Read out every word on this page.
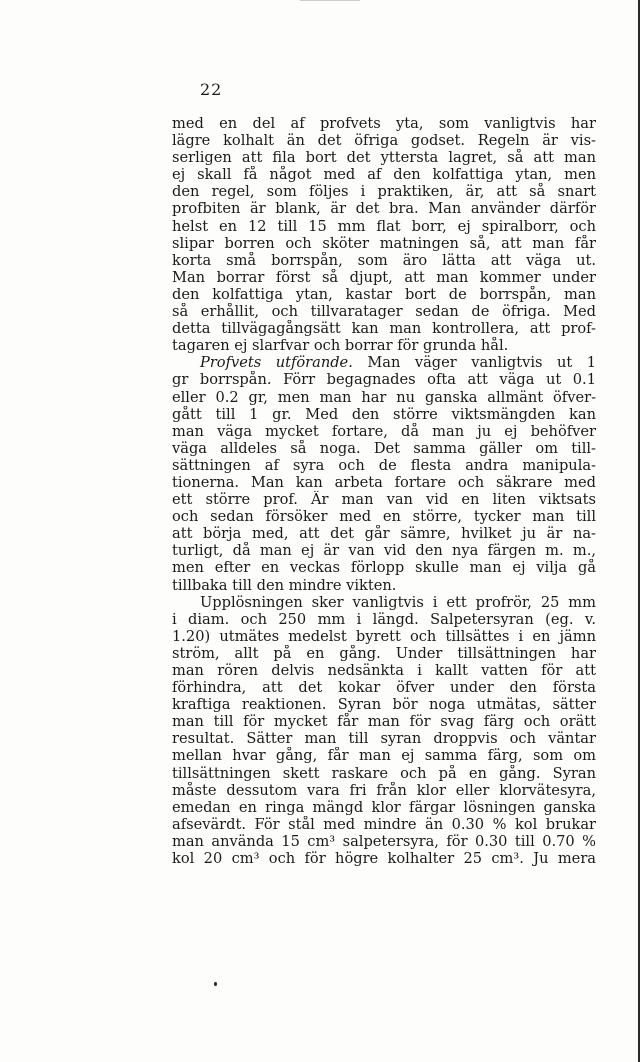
22
med en del af profvets yta, som vanligtvis har
lägre kolhalt än det öfriga godset. Regeln är vis-
serligen att fila bort det yttersta lagret, så att man
ej skall få något med af den kolfattiga ytan, men
den regel, som följes i praktiken, är, att så snart
profbiten är blank, är det bra. Man använder därför
helst en 12 till 15 mm flat borr, ej spiralborr, och
slipar borren och sköter matningen så, att man får
korta små borrspån, som äro lätta att väga ut.
Man borrar först så djupt, att man kommer under
den kolfattiga ytan, kastar bort de borrspån, man
så erhållit, och tillvaratager sedan de öfriga. Med
detta tillvägagångsätt kan man kontrollera, att prof-
tagaren ej slarfvar och borrar för grunda hål.
Profvets utförande. Man väger vanligtvis ut 1
gr borrspån. Förr begagnades ofta att väga ut 0.1
eller 0.2 gr, men man har nu ganska allmänt öfver-
gått till 1 gr. Med den större viktsmängden kan
man väga mycket fortare, då man ju ej behöfver
väga alldeles så noga. Det samma gäller om till-
sättningen af syra och de flesta andra manipula-
tionerna. Man kan arbeta fortare och säkrare med
ett större prof. Är man van vid en liten viktsats
och sedan försöker med en större, tycker man till
att börja med, att det går sämre, hvilket ju är na-
turligt, då man ej är van vid den nya färgen m. m.,
men efter en veckas förlopp skulle man ej vilja gå
tillbaka till den mindre vikten.
Upplösningen sker vanligtvis i ett profrör, 25 mm
i diam. och 250 mm i längd. Salpetersyran (eg. v.
1.20) utmätes medelst byrett och tillsättes i en jämn
ström, allt på en gång. Under tillsättningen har
man rören delvis nedsänkta i kallt vatten för att
förhindra, att det kokar öfver under den första
kraftiga reaktionen. Syran bör noga utmätas, sätter
man till för mycket får man för svag färg och orätt
resultat. Sätter man till syran droppvis och väntar
mellan hvar gång, får man ej samma färg, som om
tillsättningen skett raskare och på en gång. Syran
måste dessutom vara fri från klor eller klorvätesyra,
emedan en ringa mängd klor färgar lösningen ganska
afsevärdt. För stål med mindre än 0.30 % kol brukar
man använda 15 cm³ salpetersyra, för 0.30 till 0.70 %
kol 20 cm³ och för högre kolhalter 25 cm³. Ju mera
